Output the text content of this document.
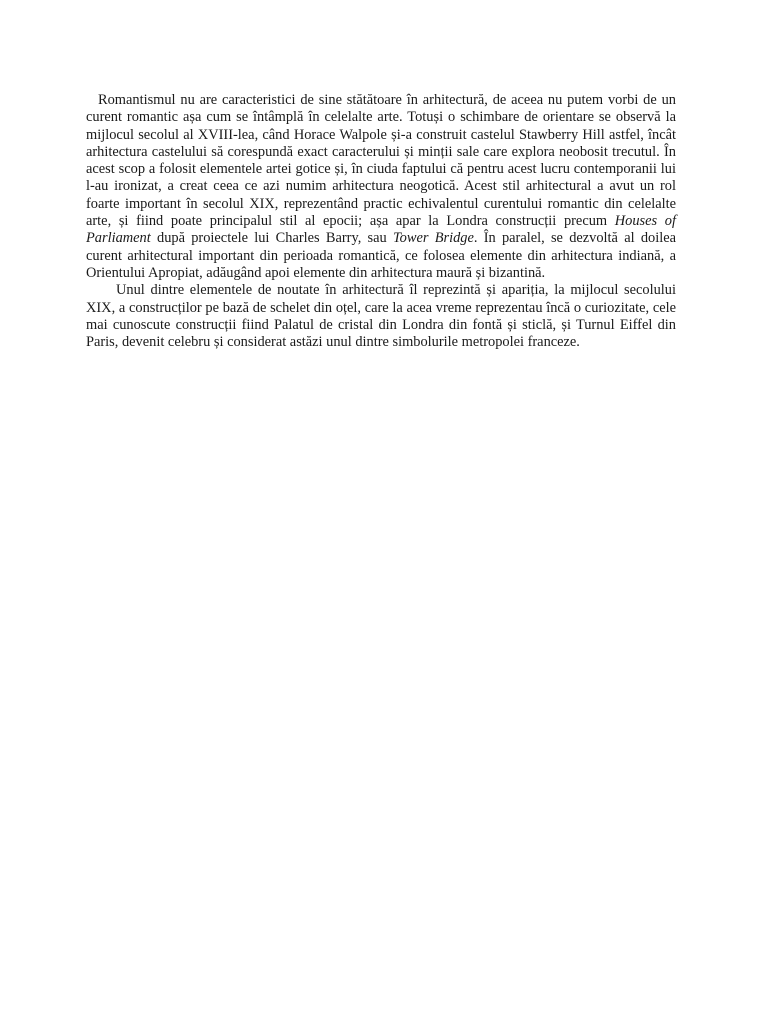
Romantismul nu are caracteristici de sine stătătoare în arhitectură, de aceea nu putem vorbi de un curent romantic așa cum se întâmplă în celelalte arte. Totuși o schimbare de orientare se observă la mijlocul secolul al XVIII-lea, când Horace Walpole și-a construit castelul Stawberry Hill astfel, încât arhitectura castelului să corespundă exact caracterului și minții sale care explora neobosit trecutul. În acest scop a folosit elementele artei gotice și, în ciuda faptului că pentru acest lucru contemporanii lui l-au ironizat, a creat ceea ce azi numim arhitectura neogotică. Acest stil arhitectural a avut un rol foarte important în secolul XIX, reprezentând practic echivalentul curentului romantic din celelalte arte, și fiind poate principalul stil al epocii; așa apar la Londra construcții precum Houses of Parliament după proiectele lui Charles Barry, sau Tower Bridge. În paralel, se dezvoltă al doilea curent arhitectural important din perioada romantică, ce folosea elemente din arhitectura indiană, a Orientului Apropiat, adăugând apoi elemente din arhitectura maură și bizantină.

Unul dintre elementele de noutate în arhitectură îl reprezintă și apariția, la mijlocul secolului XIX, a construcților pe bază de schelet din oțel, care la acea vreme reprezentau încă o curiozitate, cele mai cunoscute construcții fiind Palatul de cristal din Londra din fontă și sticlă, și Turnul Eiffel din Paris, devenit celebru și considerat astăzi unul dintre simbolurile metropolei franceze.
